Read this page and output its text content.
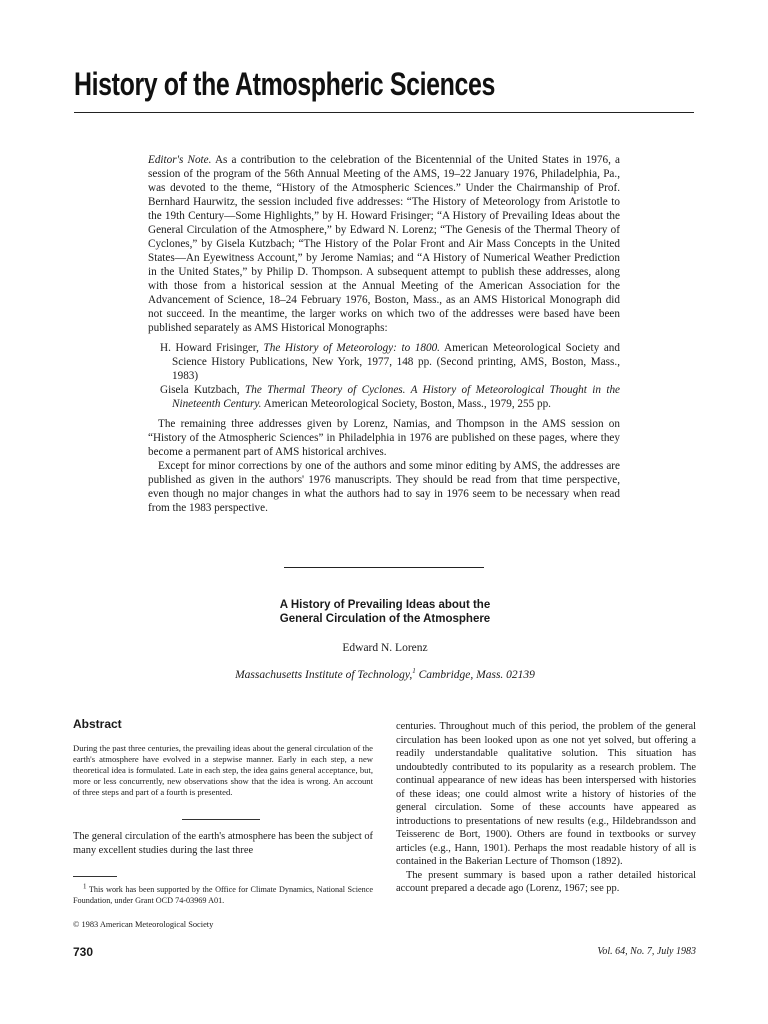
History of the Atmospheric Sciences

Editor's Note. As a contribution to the celebration of the Bicentennial of the United States in 1976, a session of the program of the 56th Annual Meeting of the AMS, 19–22 January 1976, Philadelphia, Pa., was devoted to the theme, “History of the Atmospheric Sciences.” Under the Chairmanship of Prof. Bernhard Haurwitz, the session included five addresses: “The History of Meteorology from Aristotle to the 19th Century—Some Highlights,” by H. Howard Frisinger; “A History of Prevailing Ideas about the General Circulation of the Atmosphere,” by Edward N. Lorenz; “The Genesis of the Thermal Theory of Cyclones,” by Gisela Kutzbach; “The History of the Polar Front and Air Mass Concepts in the United States—An Eyewitness Account,” by Jerome Namias; and “A History of Numerical Weather Prediction in the United States,” by Philip D. Thompson. A subsequent attempt to publish these addresses, along with those from a historical session at the Annual Meeting of the American Association for the Advancement of Science, 18–24 February 1976, Boston, Mass., as an AMS Historical Monograph did not succeed. In the meantime, the larger works on which two of the addresses were based have been published separately as AMS Historical Monographs:

H. Howard Frisinger, The History of Meteorology: to 1800. American Meteorological Society and Science History Publications, New York, 1977, 148 pp. (Second printing, AMS, Boston, Mass., 1983)

Gisela Kutzbach, The Thermal Theory of Cyclones. A History of Meteorological Thought in the Nineteenth Century. American Meteorological Society, Boston, Mass., 1979, 255 pp.

The remaining three addresses given by Lorenz, Namias, and Thompson in the AMS session on “History of the Atmospheric Sciences” in Philadelphia in 1976 are published on these pages, where they become a permanent part of AMS historical archives.

Except for minor corrections by one of the authors and some minor editing by AMS, the addresses are published as given in the authors' 1976 manuscripts. They should be read from that time perspective, even though no major changes in what the authors had to say in 1976 seem to be necessary when read from the 1983 perspective.

A History of Prevailing Ideas about the
General Circulation of the Atmosphere
Edward N. Lorenz
Massachusetts Institute of Technology,$^1$ Cambridge, Mass. 02139
Abstract
During the past three centuries, the prevailing ideas about the general circulation of the earth's atmosphere have evolved in a stepwise manner. Early in each step, a new theoretical idea is formulated. Late in each step, the idea gains general acceptance, but, more or less concurrently, new observations show that the idea is wrong. An account of three steps and part of a fourth is presented.
The general circulation of the earth's atmosphere has been the subject of many excellent studies during the last three

$^1$ This work has been supported by the Office for Climate Dynamics, National Science Foundation, under Grant OCD 74-03969 A01.

© 1983 American Meteorological Society

centuries. Throughout much of this period, the problem of the general circulation has been looked upon as one not yet solved, but offering a readily understandable qualitative solution. This situation has undoubtedly contributed to its popularity as a research problem. The continual appearance of new ideas has been interspersed with histories of these ideas; one could almost write a history of histories of the general circulation. Some of these accounts have appeared as introductions to presentations of new results (e.g., Hildebrandsson and Teisserenc de Bort, 1900). Others are found in textbooks or survey articles (e.g., Hann, 1901). Perhaps the most readable history of all is contained in the Bakerian Lecture of Thomson (1892).

The present summary is based upon a rather detailed historical account prepared a decade ago (Lorenz, 1967; see pp.

730	Vol. 64, No. 7, July 1983
